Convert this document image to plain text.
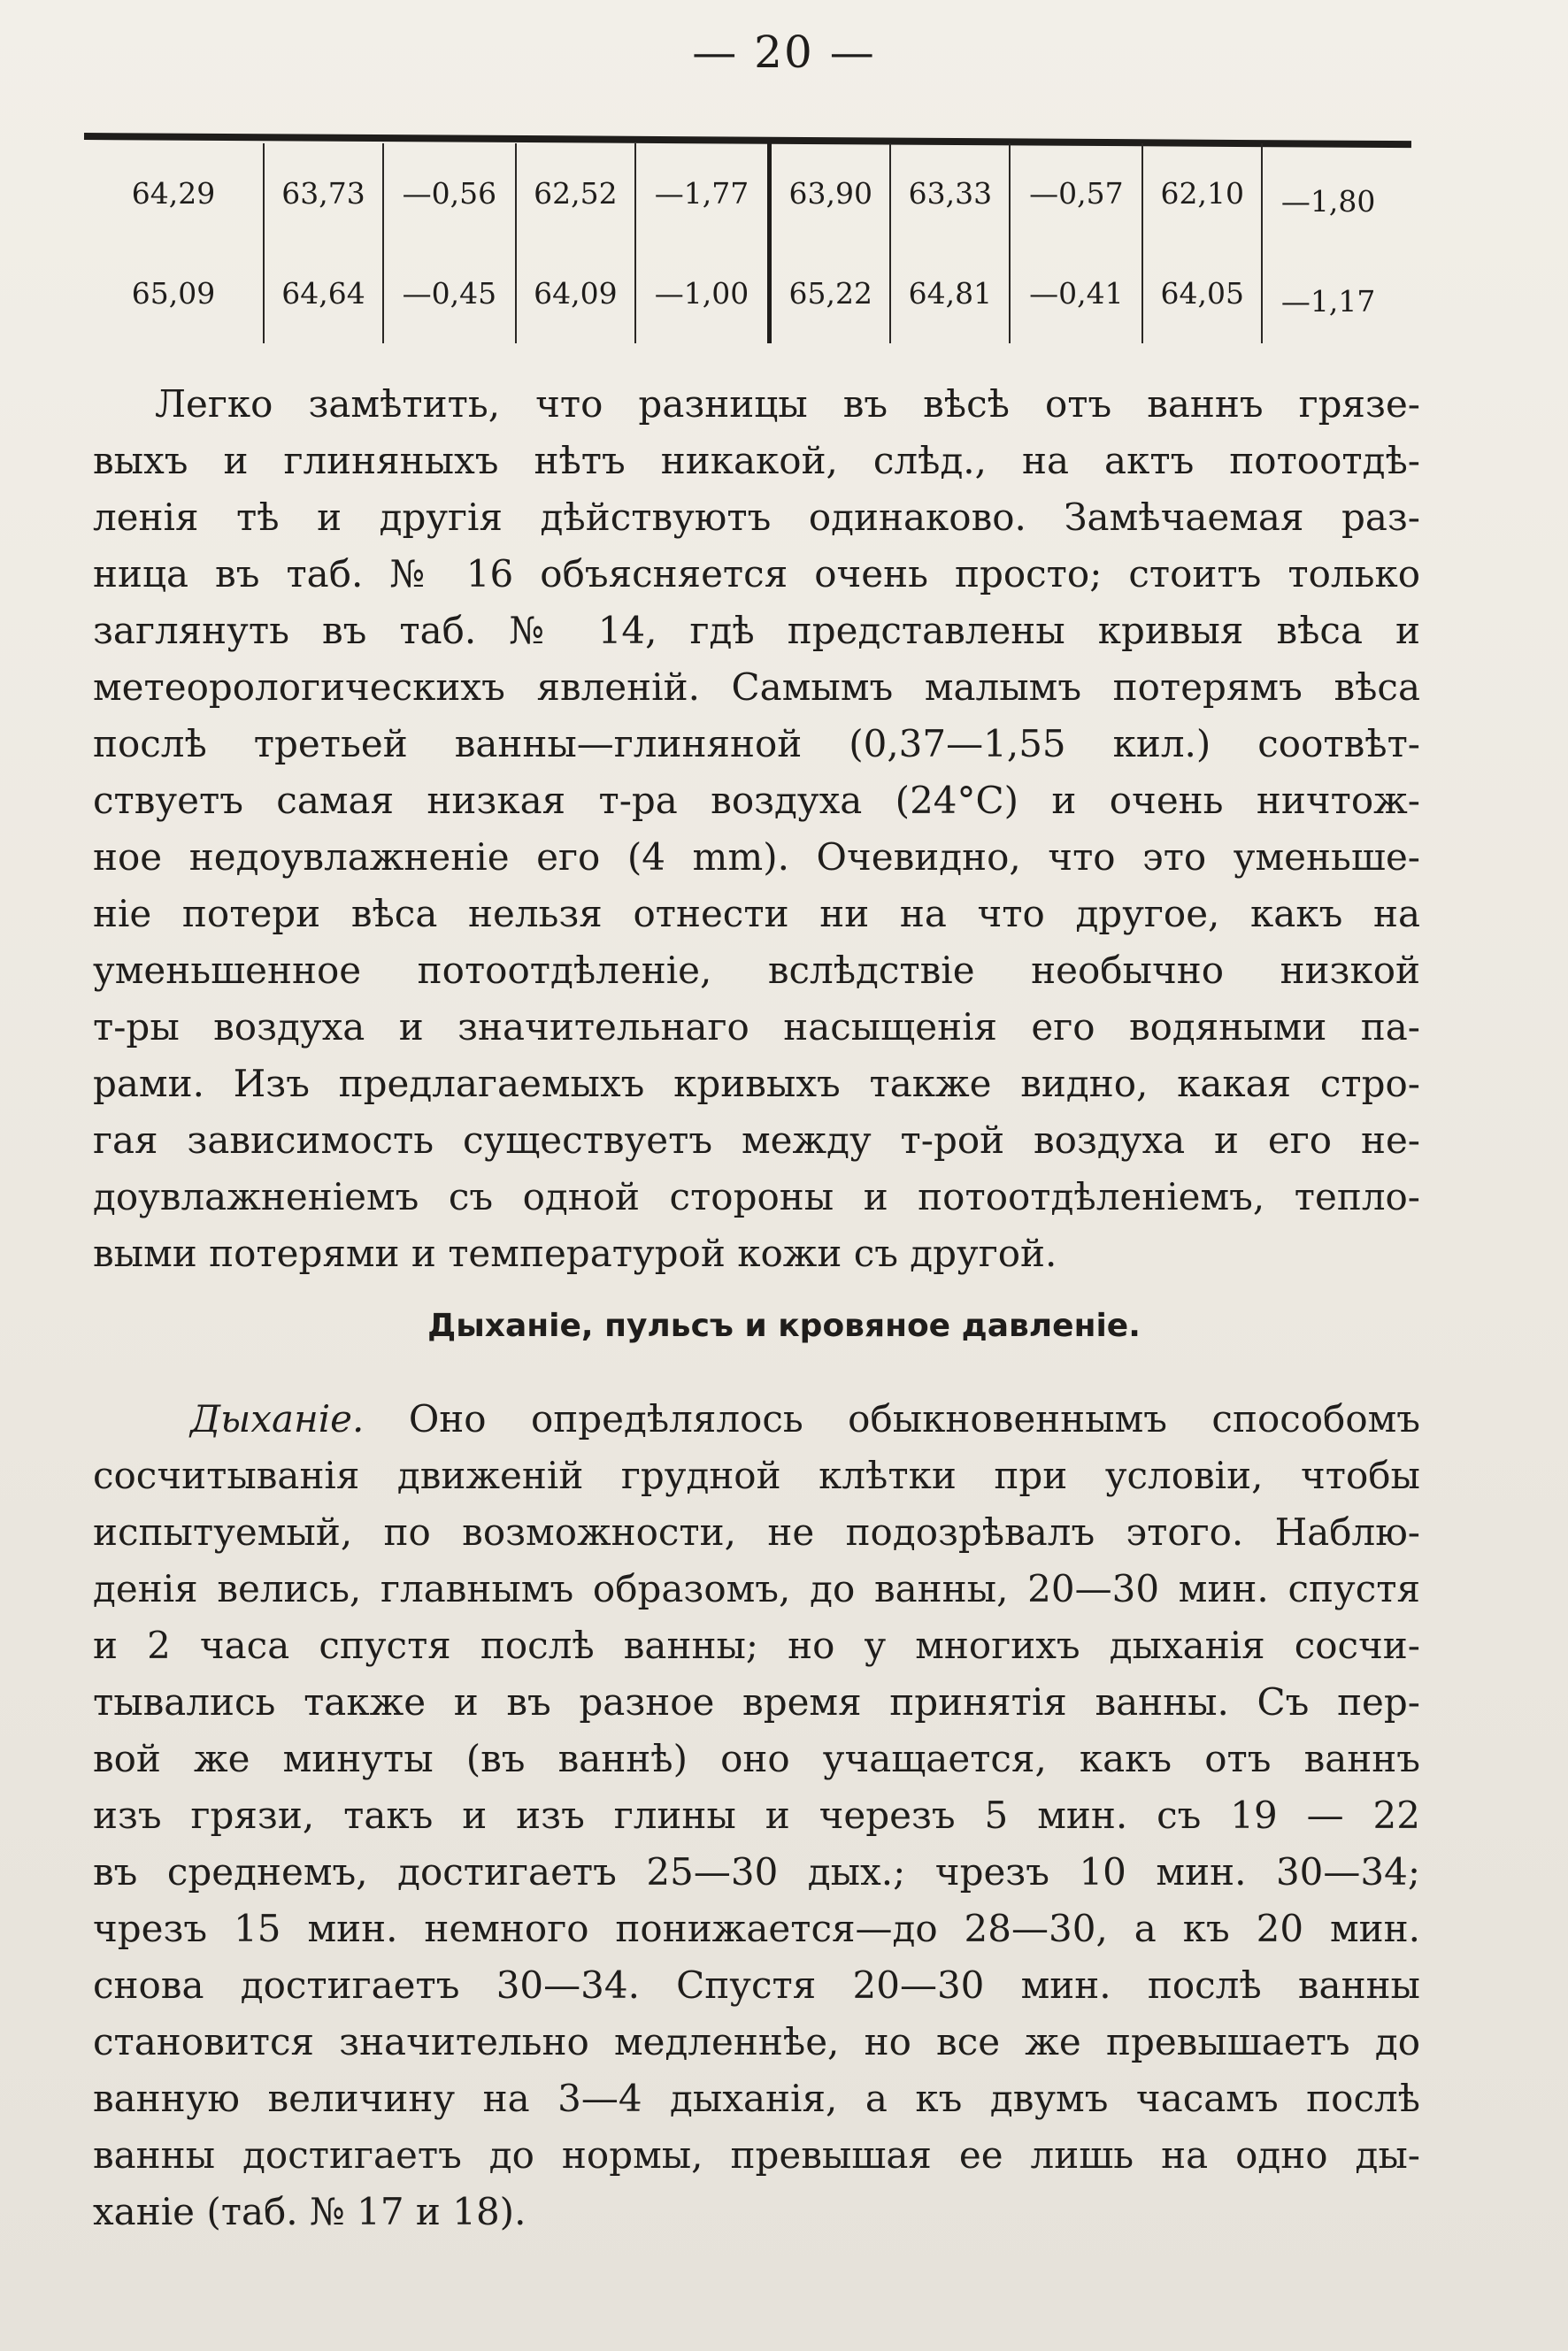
— 20 —
64,29	63,73	—0,56	62,52	—1,77	63,90	63,33	—0,57	62,10	—1,80
65,09	64,64	—0,45	64,09	—1,00	65,22	64,81	—0,41	64,05	—1,17
Легко замѣтить, что разницы въ вѣсѣ отъ ваннъ грязе-
выхъ и глиняныхъ нѣтъ никакой, слѣд., на актъ потоотдѣ-
ленія тѣ и другія дѣйствуютъ одинаково. Замѣчаемая раз-
ница въ таб. № 16 объясняется очень просто; стоитъ только
заглянуть въ таб. № 14, гдѣ представлены кривыя вѣса и
метеорологическихъ явленій. Самымъ малымъ потерямъ вѣса
послѣ третьей ванны—глиняной (0,37—1,55 кил.) соотвѣт-
ствуетъ самая низкая т-ра воздуха (24°С) и очень ничтож-
ное недоувлажненіе его (4 mm). Очевидно, что это уменьше-
ніе потери вѣса нельзя отнести ни на что другое, какъ на
уменьшенное потоотдѣленіе, вслѣдствіе необычно низкой
т-ры воздуха и значительнаго насыщенія его водяными па-
рами. Изъ предлагаемыхъ кривыхъ также видно, какая стро-
гая зависимость существуетъ между т-рой воздуха и его не-
доувлажненіемъ съ одной стороны и потоотдѣленіемъ, тепло-
выми потерями и температурой кожи съ другой.
Дыханіе, пульсъ и кровяное давленіе.
Дыханіе. Оно опредѣлялось обыкновеннымъ способомъ
сосчитыванія движеній грудной клѣтки при условіи, чтобы
испытуемый, по возможности, не подозрѣвалъ этого. Наблю-
денія велись, главнымъ образомъ, до ванны, 20—30 мин. спустя
и 2 часа спустя послѣ ванны; но у многихъ дыханія сосчи-
тывались также и въ разное время принятія ванны. Съ пер-
вой же минуты (въ ваннѣ) оно учащается, какъ отъ ваннъ
изъ грязи, такъ и изъ глины и черезъ 5 мин. съ 19 — 22
въ среднемъ, достигаетъ 25—30 дых.; чрезъ 10 мин. 30—34;
чрезъ 15 мин. немного понижается—до 28—30, а къ 20 мин.
снова достигаетъ 30—34. Спустя 20—30 мин. послѣ ванны
становится значительно медленнѣе, но все же превышаетъ до
ванную величину на 3—4 дыханія, а къ двумъ часамъ послѣ
ванны достигаетъ до нормы, превышая ее лишь на одно ды-
ханіе (таб. № 17 и 18).
